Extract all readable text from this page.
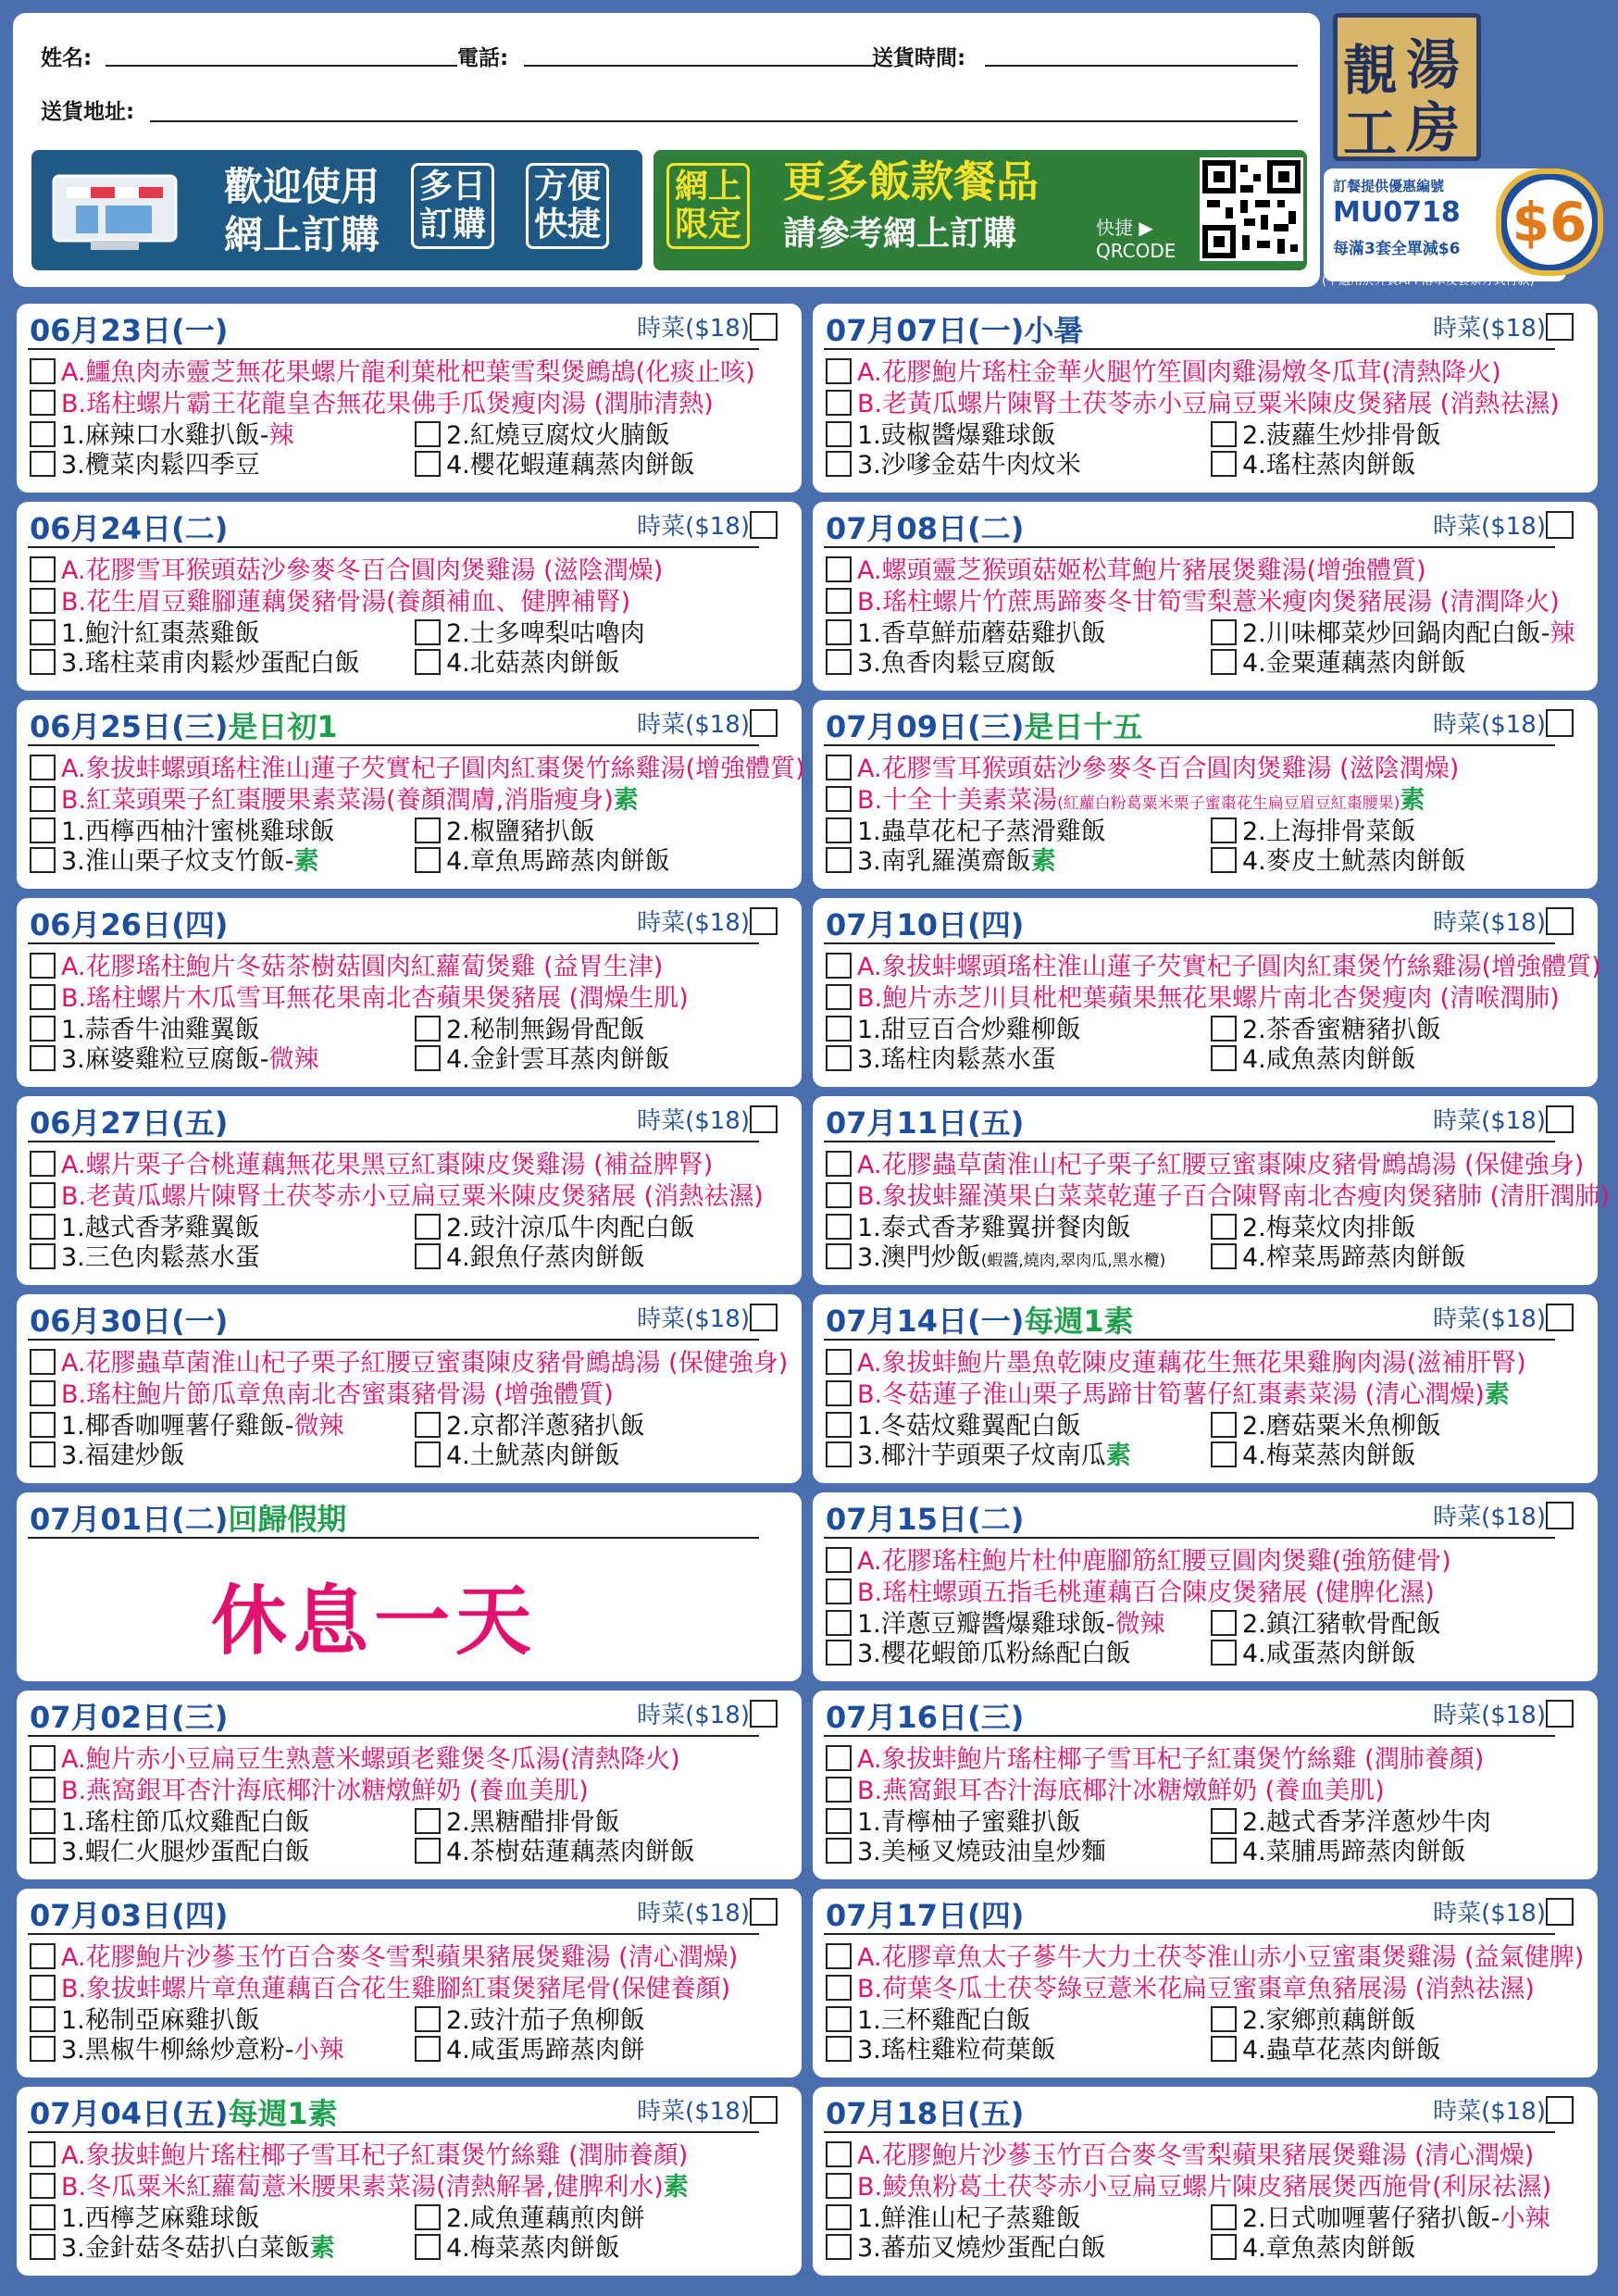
姓名:	電話:	送貨時間:
送貨地址:
歡迎使用
網上訂購
多日
訂購
方便
快捷
網上
限定
更多飯款餐品
請參考網上訂購	快捷 ▶
QRCODE
靚 湯
工 房
訂餐提供優惠編號
MU0718
每滿3套全單減$6 $6
(不適用於外賣APP落單及套票方式付款)
06月23日(一)	時菜($18)
A.鱷魚肉赤靈芝無花果螺片龍利葉枇杷葉雪梨煲鷓鴣(化痰止咳)
B.瑤柱螺片霸王花龍皇杏無花果佛手瓜煲瘦肉湯 (潤肺清熱)
1.麻辣口水雞扒飯-辣	2.紅燒豆腐炆火腩飯
3.欖菜肉鬆四季豆	4.櫻花蝦蓮藕蒸肉餅飯
06月24日(二)	時菜($18)
A.花膠雪耳猴頭菇沙參麥冬百合圓肉煲雞湯 (滋陰潤燥)
B.花生眉豆雞腳蓮藕煲豬骨湯(養顏補血、健脾補腎)
1.鮑汁紅棗蒸雞飯	2.士多啤梨咕嚕肉
3.瑤柱菜甫肉鬆炒蛋配白飯	4.北菇蒸肉餅飯
06月25日(三)是日初1	時菜($18)
A.象拔蚌螺頭瑤柱淮山蓮子芡實杞子圓肉紅棗煲竹絲雞湯(增強體質)
B.紅菜頭栗子紅棗腰果素菜湯(養顏潤膚,消脂瘦身)素
1.西檸西柚汁蜜桃雞球飯	2.椒鹽豬扒飯
3.淮山栗子炆支竹飯-素	4.章魚馬蹄蒸肉餅飯
06月26日(四)	時菜($18)
A.花膠瑤柱鮑片冬菇茶樹菇圓肉紅蘿蔔煲雞 (益胃生津)
B.瑤柱螺片木瓜雪耳無花果南北杏蘋果煲豬展 (潤燥生肌)
1.蒜香牛油雞翼飯	2.秘制無錫骨配飯
3.麻婆雞粒豆腐飯-微辣	4.金針雲耳蒸肉餅飯
06月27日(五)	時菜($18)
A.螺片栗子合桃蓮藕無花果黑豆紅棗陳皮煲雞湯 (補益脾腎)
B.老黃瓜螺片陳腎土茯苓赤小豆扁豆粟米陳皮煲豬展 (消熱祛濕)
1.越式香茅雞翼飯	2.豉汁涼瓜牛肉配白飯
3.三色肉鬆蒸水蛋	4.銀魚仔蒸肉餅飯
06月30日(一)	時菜($18)
A.花膠蟲草菌淮山杞子栗子紅腰豆蜜棗陳皮豬骨鷓鴣湯 (保健強身)
B.瑤柱鮑片節瓜章魚南北杏蜜棗豬骨湯 (增強體質)
1.椰香咖喱薯仔雞飯-微辣	2.京都洋蔥豬扒飯
3.福建炒飯	4.土魷蒸肉餅飯
07月01日(二)回歸假期
休息一天
07月02日(三)	時菜($18)
A.鮑片赤小豆扁豆生熟薏米螺頭老雞煲冬瓜湯(清熱降火)
B.燕窩銀耳杏汁海底椰汁冰糖燉鮮奶 (養血美肌)
1.瑤柱節瓜炆雞配白飯	2.黑糖醋排骨飯
3.蝦仁火腿炒蛋配白飯	4.茶樹菇蓮藕蒸肉餅飯
07月03日(四)	時菜($18)
A.花膠鮑片沙蔘玉竹百合麥冬雪梨蘋果豬展煲雞湯 (清心潤燥)
B.象拔蚌螺片章魚蓮藕百合花生雞腳紅棗煲豬尾骨(保健養顏)
1.秘制亞麻雞扒飯	2.豉汁茄子魚柳飯
3.黑椒牛柳絲炒意粉-小辣	4.咸蛋馬蹄蒸肉餅
07月04日(五)每週1素	時菜($18)
A.象拔蚌鮑片瑤柱椰子雪耳杞子紅棗煲竹絲雞 (潤肺養顏)
B.冬瓜粟米紅蘿蔔薏米腰果素菜湯(清熱解暑,健脾利水)素
1.西檸芝麻雞球飯	2.咸魚蓮藕煎肉餅
3.金針菇冬菇扒白菜飯素	4.梅菜蒸肉餅飯
07月07日(一)小暑	時菜($18)
A.花膠鮑片瑤柱金華火腿竹笙圓肉雞湯燉冬瓜茸(清熱降火)
B.老黃瓜螺片陳腎土茯苓赤小豆扁豆粟米陳皮煲豬展 (消熱祛濕)
1.豉椒醬爆雞球飯	2.菠蘿生炒排骨飯
3.沙嗲金菇牛肉炆米	4.瑤柱蒸肉餅飯
07月08日(二)	時菜($18)
A.螺頭靈芝猴頭菇姬松茸鮑片豬展煲雞湯(增強體質)
B.瑤柱螺片竹蔗馬蹄麥冬甘筍雪梨薏米瘦肉煲豬展湯 (清潤降火)
1.香草鮮茄蘑菇雞扒飯	2.川味椰菜炒回鍋肉配白飯-辣
3.魚香肉鬆豆腐飯	4.金粟蓮藕蒸肉餅飯
07月09日(三)是日十五	時菜($18)
A.花膠雪耳猴頭菇沙參麥冬百合圓肉煲雞湯 (滋陰潤燥)
B.十全十美素菜湯(紅蘿白粉葛粟米栗子蜜棗花生扁豆眉豆紅棗腰果)素
1.蟲草花杞子蒸滑雞飯	2.上海排骨菜飯
3.南乳羅漢齋飯素	4.麥皮土魷蒸肉餅飯
07月10日(四)	時菜($18)
A.象拔蚌螺頭瑤柱淮山蓮子芡實杞子圓肉紅棗煲竹絲雞湯(增強體質)
B.鮑片赤芝川貝枇杷葉蘋果無花果螺片南北杏煲瘦肉 (清喉潤肺)
1.甜豆百合炒雞柳飯	2.茶香蜜糖豬扒飯
3.瑤柱肉鬆蒸水蛋	4.咸魚蒸肉餅飯
07月11日(五)	時菜($18)
A.花膠蟲草菌淮山杞子栗子紅腰豆蜜棗陳皮豬骨鷓鴣湯 (保健強身)
B.象拔蚌羅漢果白菜菜乾蓮子百合陳腎南北杏瘦肉煲豬肺 (清肝潤肺)
1.泰式香茅雞翼拼餐肉飯	2.梅菜炆肉排飯
3.澳門炒飯(蝦醬,燒肉,翠肉瓜,黑水欖)	4.榨菜馬蹄蒸肉餅飯
07月14日(一)每週1素	時菜($18)
A.象拔蚌鮑片墨魚乾陳皮蓮藕花生無花果雞胸肉湯(滋補肝腎)
B.冬菇蓮子淮山栗子馬蹄甘筍薯仔紅棗素菜湯 (清心潤燥)素
1.冬菇炆雞翼配白飯	2.磨菇粟米魚柳飯
3.椰汁芋頭栗子炆南瓜素	4.梅菜蒸肉餅飯
07月15日(二)	時菜($18)
A.花膠瑤柱鮑片杜仲鹿腳筋紅腰豆圓肉煲雞(強筋健骨)
B.瑤柱螺頭五指毛桃蓮藕百合陳皮煲豬展 (健脾化濕)
1.洋蔥豆瓣醬爆雞球飯-微辣	2.鎮江豬軟骨配飯
3.櫻花蝦節瓜粉絲配白飯	4.咸蛋蒸肉餅飯
07月16日(三)	時菜($18)
A.象拔蚌鮑片瑤柱椰子雪耳杞子紅棗煲竹絲雞 (潤肺養顏)
B.燕窩銀耳杏汁海底椰汁冰糖燉鮮奶 (養血美肌)
1.青檸柚子蜜雞扒飯	2.越式香茅洋蔥炒牛肉
3.美極叉燒豉油皇炒麵	4.菜脯馬蹄蒸肉餅飯
07月17日(四)	時菜($18)
A.花膠章魚太子蔘牛大力土茯苓淮山赤小豆蜜棗煲雞湯 (益氣健脾)
B.荷葉冬瓜土茯苓綠豆薏米花扁豆蜜棗章魚豬展湯 (消熱祛濕)
1.三杯雞配白飯	2.家鄉煎藕餅飯
3.瑤柱雞粒荷葉飯	4.蟲草花蒸肉餅飯
07月18日(五)	時菜($18)
A.花膠鮑片沙蔘玉竹百合麥冬雪梨蘋果豬展煲雞湯 (清心潤燥)
B.鯪魚粉葛土茯苓赤小豆扁豆螺片陳皮豬展煲西施骨(利尿祛濕)
1.鮮淮山杞子蒸雞飯	2.日式咖喱薯仔豬扒飯-小辣
3.蕃茄叉燒炒蛋配白飯	4.章魚蒸肉餅飯
